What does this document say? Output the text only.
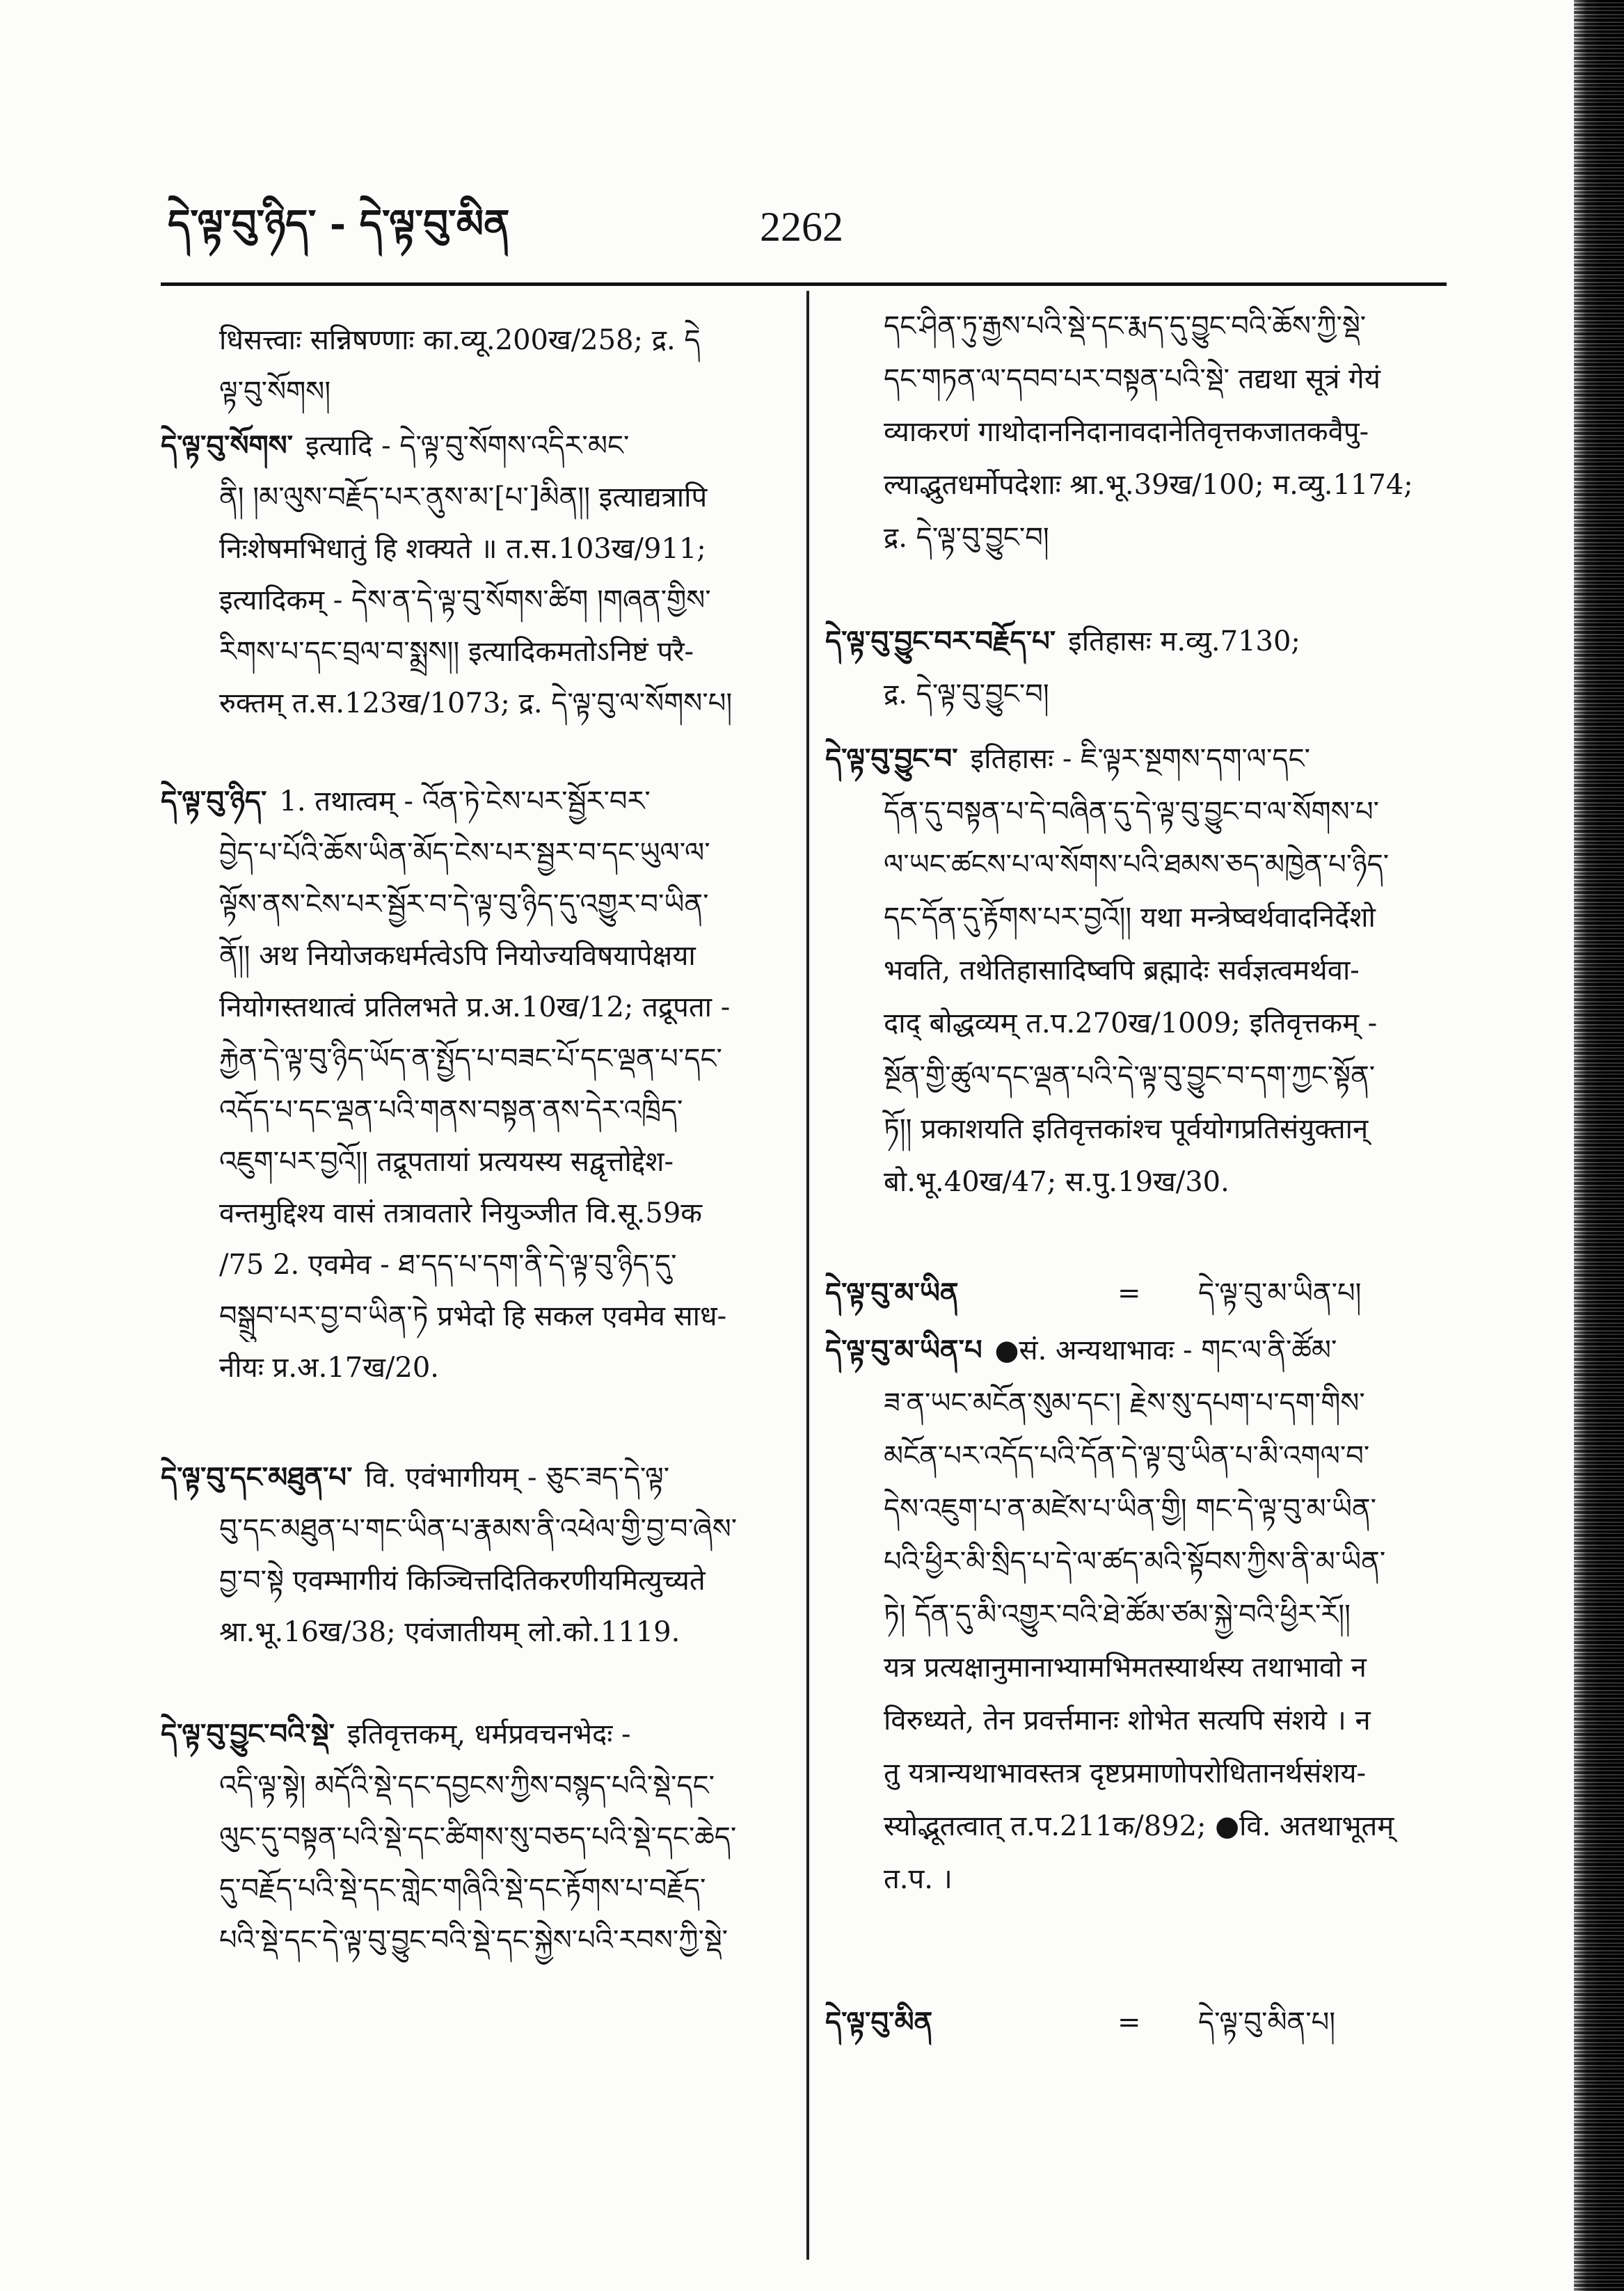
དེ་ལྟ་བུ་ཉིད་ - དེ་ལྟ་བུ་མིན	2262
धिसत्त्वाः सन्निषण्णाः का.व्यू.200ख/258; द्र. དེ
ལྟ་བུ་སོགས།
དེ་ལྟ་བུ་སོགས་ इत्यादि - དེ་ལྟ་བུ་སོགས་འདིར་མང་
ནི། །མ་ལུས་བརྗོད་པར་ནུས་མ་[པ་]མིན།། इत्याद्यत्रापि
निःशेषमभिधातुं हि शक्यते ॥ त.स.103ख/911;
इत्यादिकम् - དེས་ན་དེ་ལྟ་བུ་སོགས་ཚིག །གཞན་གྱིས་
རིགས་པ་དང་བྲལ་བ་སྨྲས།། इत्यादिकमतोऽनिष्टं परै-
रुक्तम् त.स.123ख/1073; द्र. དེ་ལྟ་བུ་ལ་སོགས་པ།
དེ་ལྟ་བུ་ཉིད་ 1. तथात्वम् - འོན་ཏེ་ངེས་པར་སྦྱོར་བར་
བྱེད་པ་པོའི་ཆོས་ཡིན་མོད་ངེས་པར་སྦྱར་བ་དང་ཡུལ་ལ་
ལྟོས་ནས་ངེས་པར་སྦྱོར་བ་དེ་ལྟ་བུ་ཉིད་དུ་འགྱུར་བ་ཡིན་
ནོ།། अथ नियोजकधर्मत्वेऽपि नियोज्यविषयापेक्षया
नियोगस्तथात्वं प्रतिलभते प्र.अ.10ख/12; तद्रूपता -
རྐྱེན་དེ་ལྟ་བུ་ཉིད་ཡོད་ན་སྤྱོད་པ་བཟང་པོ་དང་ལྡན་པ་དང་
འདོད་པ་དང་ལྡན་པའི་གནས་བསྟན་ནས་དེར་འཁྲིད་
འཇུག་པར་བྱའོ།། तद्रूपतायां प्रत्ययस्य सद्वृत्तोद्देश-
वन्तमुद्दिश्य वासं तत्रावतारे नियुञ्जीत वि.सू.59क
/75 2. एवमेव - ཐ་དད་པ་དག་ནི་དེ་ལྟ་བུ་ཉིད་དུ་
བསྒྲུབ་པར་བྱ་བ་ཡིན་ཏེ प्रभेदो हि सकल एवमेव साध-
नीयः प्र.अ.17ख/20.
དེ་ལྟ་བུ་དང་མཐུན་པ་ वि. एवंभागीयम् - ཅུང་ཟད་དེ་ལྟ་
བུ་དང་མཐུན་པ་གང་ཡིན་པ་རྣམས་ནི་འཕེལ་གྱི་བྱ་བ་ཞེས་
བྱ་བ་སྟེ एवम्भागीयं किञ्चित्तदितिकरणीयमित्युच्यते
श्रा.भू.16ख/38; एवंजातीयम् लो.को.1119.
དེ་ལྟ་བུ་བྱུང་བའི་སྡེ་ इतिवृत्तकम्, धर्मप्रवचनभेदः -
འདི་ལྟ་སྟེ། མདོའི་སྡེ་དང་དབྱངས་ཀྱིས་བསྙད་པའི་སྡེ་དང་
ལུང་དུ་བསྟན་པའི་སྡེ་དང་ཚིགས་སུ་བཅད་པའི་སྡེ་དང་ཆེད་
དུ་བརྗོད་པའི་སྡེ་དང་གླེང་གཞིའི་སྡེ་དང་རྟོགས་པ་བརྗོད་
པའི་སྡེ་དང་དེ་ལྟ་བུ་བྱུང་བའི་སྡེ་དང་སྐྱེས་པའི་རབས་ཀྱི་སྡེ་
དང་ཤིན་ཏུ་རྒྱས་པའི་སྡེ་དང་རྨད་དུ་བྱུང་བའི་ཆོས་ཀྱི་སྡེ་
དང་གཏན་ལ་དབབ་པར་བསྟན་པའི་སྡེ་ तद्यथा सूत्रं गेयं
व्याकरणं गाथोदाननिदानावदानेतिवृत्तकजातकवैपु-
ल्याद्भुतधर्मोपदेशाः श्रा.भू.39ख/100; म.व्यु.1174;
द्र. དེ་ལྟ་བུ་བྱུང་བ།
དེ་ལྟ་བུ་བྱུང་བར་བརྗོད་པ་ इतिहासः म.व्यु.7130;
द्र. དེ་ལྟ་བུ་བྱུང་བ།
དེ་ལྟ་བུ་བྱུང་བ་ इतिहासः - ཇི་ལྟར་སྔགས་དག་ལ་དང་
དོན་དུ་བསྟན་པ་དེ་བཞིན་དུ་དེ་ལྟ་བུ་བྱུང་བ་ལ་སོགས་པ་
ལ་ཡང་ཚངས་པ་ལ་སོགས་པའི་ཐམས་ཅད་མཁྱེན་པ་ཉིད་
དང་དོན་དུ་རྟོགས་པར་བྱའོ།། यथा मन्त्रेष्वर्थवादनिर्देशो
भवति, तथेतिहासादिष्वपि ब्रह्मादेः सर्वज्ञत्वमर्थवा-
दाद् बोद्धव्यम् त.प.270ख/1009; इतिवृत्तकम् -
སྔོན་གྱི་ཚུལ་དང་ལྡན་པའི་དེ་ལྟ་བུ་བྱུང་བ་དག་ཀྱང་སྟོན་
ཏོ།། प्रकाशयति इतिवृत्तकांश्च पूर्वयोगप्रतिसंयुक्तान्
बो.भू.40ख/47; स.पु.19ख/30.
དེ་ལྟ་བུ་མ་ཡིན	= དེ་ལྟ་བུ་མ་ཡིན་པ།
དེ་ལྟ་བུ་མ་ཡིན་པ ●सं. अन्यथाभावः - གང་ལ་ནི་ཚོམ་
ཟ་ན་ཡང་མངོན་སུམ་དང་། རྗེས་སུ་དཔག་པ་དག་གིས་
མངོན་པར་འདོད་པའི་དོན་དེ་ལྟ་བུ་ཡིན་པ་མི་འགལ་བ་
དེས་འཇུག་པ་ན་མཛེས་པ་ཡིན་གྱི། གང་དེ་ལྟ་བུ་མ་ཡིན་
པའི་ཕྱིར་མི་སྲིད་པ་དེ་ལ་ཚད་མའི་སྟོབས་ཀྱིས་ནི་མ་ཡིན་
ཏེ། དོན་དུ་མི་འགྱུར་བའི་ཐེ་ཚོམ་ཙམ་སྐྱེ་བའི་ཕྱིར་རོ།།
यत्र प्रत्यक्षानुमानाभ्यामभिमतस्यार्थस्य तथाभावो न
विरुध्यते, तेन प्रवर्त्तमानः शोभेत सत्यपि संशये । न
तु यत्रान्यथाभावस्तत्र दृष्टप्रमाणोपरोधितानर्थसंशय-
स्योद्भूतत्वात् त.प.211क/892; ●वि. अतथाभूतम्
त.प. ।
དེ་ལྟ་བུ་མིན	= དེ་ལྟ་བུ་མིན་པ།
